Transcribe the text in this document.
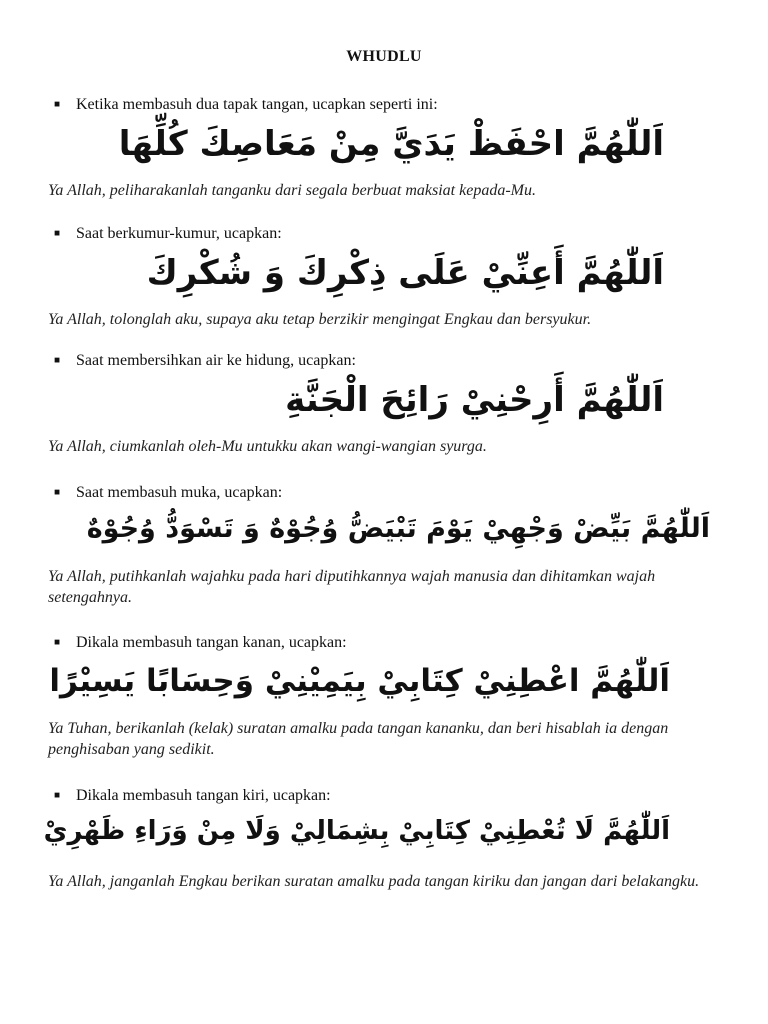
WHUDLU
■ Ketika membasuh dua tapak tangan, ucapkan seperti ini:
اَللّٰهُمَّ احْفَظْ يَدَيَّ مِنْ مَعَاصِكَ كُلِّهَا
Ya Allah, peliharakanlah tanganku dari segala berbuat maksiat kepada-Mu.
■ Saat berkumur-kumur, ucapkan:
اَللّٰهُمَّ أَعِنِّيْ عَلَى ذِكْرِكَ وَ شُكْرِكَ
Ya Allah, tolonglah aku, supaya aku tetap berzikir mengingat Engkau dan bersyukur.
■ Saat membersihkan air ke hidung, ucapkan:
اَللّٰهُمَّ أَرِحْنِيْ رَائِحَ الْجَنَّةِ
Ya Allah, ciumkanlah oleh-Mu untukku akan wangi-wangian syurga.
■ Saat membasuh muka, ucapkan:
اَللّٰهُمَّ بَيِّضْ وَجْهِيْ يَوْمَ تَبْيَضُّ وُجُوْهٌ وَ تَسْوَدُّ وُجُوْهٌ
Ya Allah, putihkanlah wajahku pada hari diputihkannya wajah manusia dan dihitamkan wajah setengahnya.
■ Dikala membasuh tangan kanan, ucapkan:
اَللّٰهُمَّ اعْطِنِيْ كِتَابِيْ بِيَمِيْنِيْ وَحِسَابًا يَسِيْرًا
Ya Tuhan, berikanlah (kelak) suratan amalku pada tangan kananku, dan beri hisablah ia dengan penghisaban yang sedikit.
■ Dikala membasuh tangan kiri, ucapkan:
اَللّٰهُمَّ لَا تُعْطِنِيْ كِتَابِيْ بِشِمَالِيْ وَلَا مِنْ وَرَاءِ ظَهْرِيْ
Ya Allah, janganlah Engkau berikan suratan amalku pada tangan kiriku dan jangan dari belakangku.
